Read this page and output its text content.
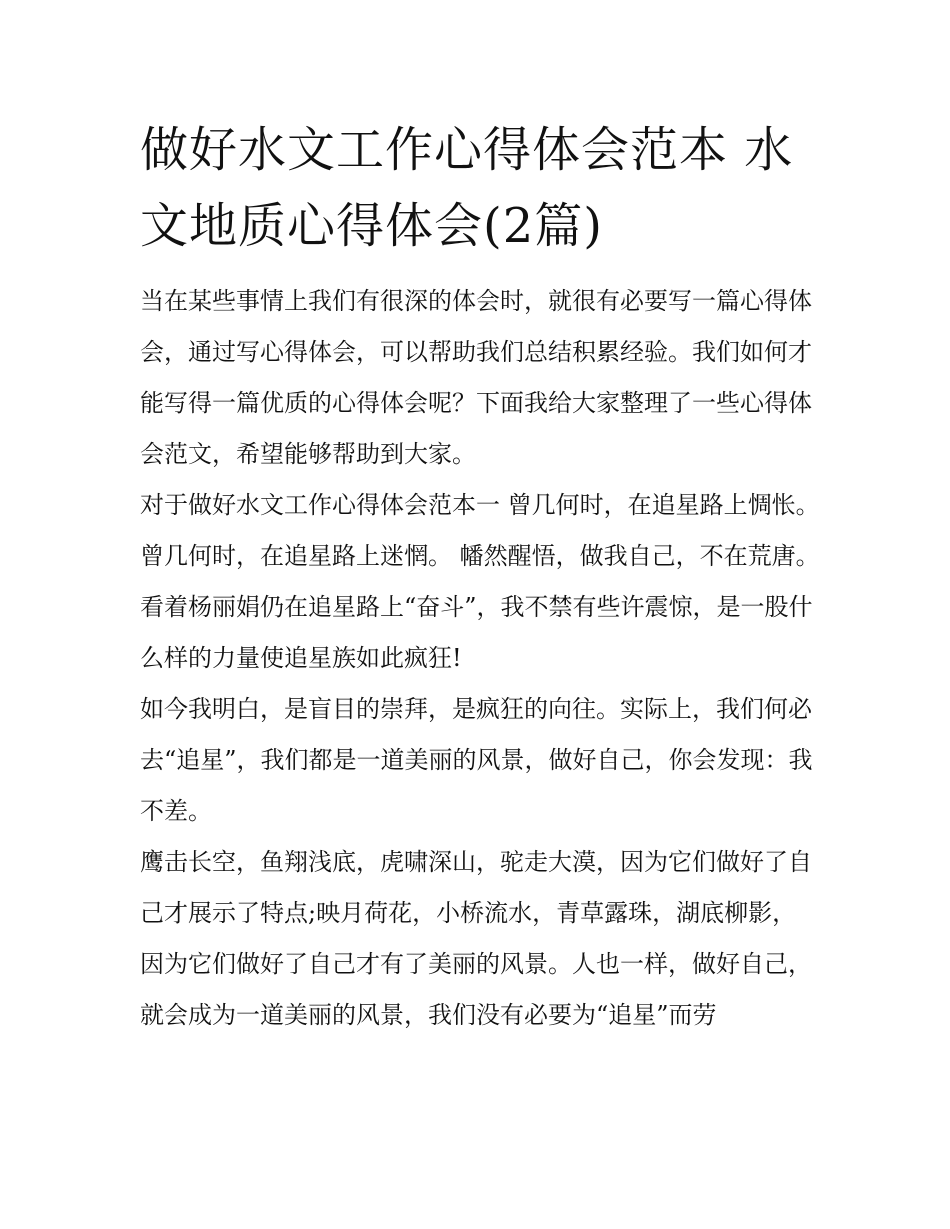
做好水文工作心得体会范本 水文地质心得体会(2篇)

当在某些事情上我们有很深的体会时，就很有必要写一篇心得体会，通过写心得体会，可以帮助我们总结积累经验。我们如何才能写得一篇优质的心得体会呢？下面我给大家整理了一些心得体会范文，希望能够帮助到大家。

对于做好水文工作心得体会范本一 曾几何时，在追星路上惆怅。 曾几何时，在追星路上迷惘。 幡然醒悟，做我自己，不在荒唐。

看着杨丽娟仍在追星路上“奋斗”，我不禁有些许震惊，是一股什么样的力量使追星族如此疯狂!

如今我明白，是盲目的崇拜，是疯狂的向往。实际上，我们何必去“追星”，我们都是一道美丽的风景，做好自己，你会发现：我不差。

鹰击长空，鱼翔浅底，虎啸深山，驼走大漠，因为它们做好了自己才展示了特点;映月荷花，小桥流水，青草露珠，湖底柳影，因为它们做好了自己才有了美丽的风景。人也一样，做好自己，就会成为一道美丽的风景，我们没有必要为“追星”而劳
